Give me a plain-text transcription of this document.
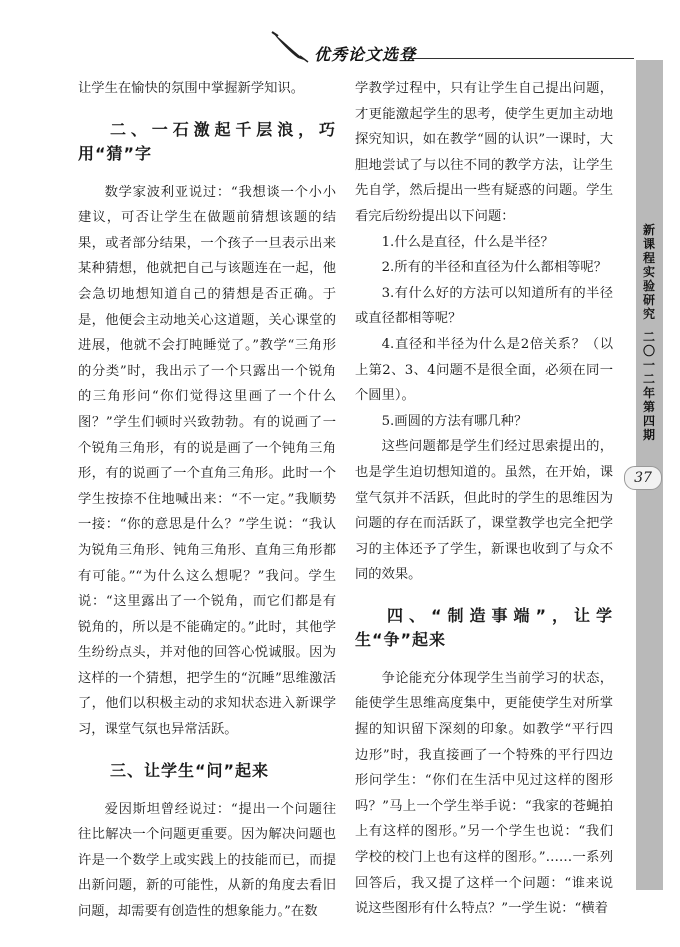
优秀论文选登
新课程实验研究
二〇一二年第四期
37

让学生在愉快的氛围中掌握新学知识。

二、一石激起千层浪，巧用“猜”字

数学家波利亚说过：“我想谈一个小小建议，可否让学生在做题前猜想该题的结果，或者部分结果，一个孩子一旦表示出来某种猜想，他就把自己与该题连在一起，他会急切地想知道自己的猜想是否正确。于是，他便会主动地关心这道题，关心课堂的进展，他就不会打盹睡觉了。”教学“三角形的分类”时，我出示了一个只露出一个锐角的三角形问“你们觉得这里画了一个什么图？”学生们顿时兴致勃勃。有的说画了一个锐角三角形，有的说是画了一个钝角三角形，有的说画了一个直角三角形。此时一个学生按捺不住地喊出来：“不一定。”我顺势一接：“你的意思是什么？”学生说：“我认为锐角三角形、钝角三角形、直角三角形都有可能。”“为什么这么想呢？”我问。学生说：“这里露出了一个锐角，而它们都是有锐角的，所以是不能确定的。”此时，其他学生纷纷点头，并对他的回答心悦诚服。因为这样的一个猜想，把学生的“沉睡”思维激活了，他们以积极主动的求知状态进入新课学习，课堂气氛也异常活跃。

三、让学生“问”起来

爱因斯坦曾经说过：“提出一个问题往往比解决一个问题更重要。因为解决问题也许是一个数学上或实践上的技能而已，而提出新问题，新的可能性，从新的角度去看旧问题，却需要有创造性的想象能力。”在数

学教学过程中，只有让学生自己提出问题，才更能激起学生的思考，使学生更加主动地探究知识，如在教学“圆的认识”一课时，大胆地尝试了与以往不同的教学方法，让学生先自学，然后提出一些有疑惑的问题。学生看完后纷纷提出以下问题：

1.什么是直径，什么是半径？

2.所有的半径和直径为什么都相等呢？

3.有什么好的方法可以知道所有的半径或直径都相等呢？

4.直径和半径为什么是2倍关系？（以上第2、3、4问题不是很全面，必须在同一个圆里）。

5.画圆的方法有哪几种？

这些问题都是学生们经过思索提出的，也是学生迫切想知道的。虽然，在开始，课堂气氛并不活跃，但此时的学生的思维因为问题的存在而活跃了，课堂教学也完全把学习的主体还予了学生，新课也收到了与众不同的效果。

四、“制造事端”，让学生“争”起来

争论能充分体现学生当前学习的状态，能使学生思维高度集中，更能使学生对所掌握的知识留下深刻的印象。如教学“平行四边形”时，我直接画了一个特殊的平行四边形问学生：“你们在生活中见过这样的图形吗？”马上一个学生举手说：“我家的苍蝇拍上有这样的图形。”另一个学生也说：“我们学校的校门上也有这样的图形。”……一系列回答后，我又提了这样一个问题：“谁来说说这些图形有什么特点？”一学生说：“横着
